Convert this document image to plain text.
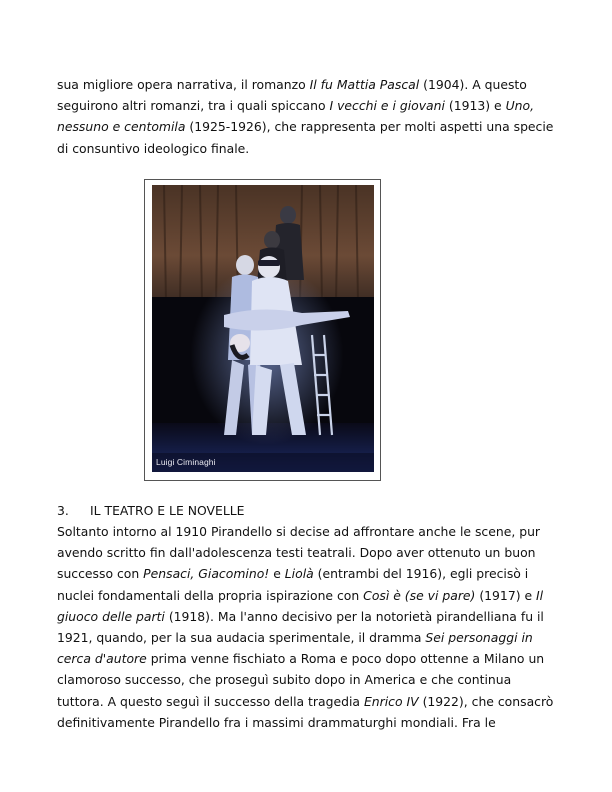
sua migliore opera narrativa, il romanzo Il fu Mattia Pascal (1904). A questo
seguirono altri romanzi, tra i quali spiccano I vecchi e i giovani (1913) e Uno,
nessuno e centomila (1925-1926), che rappresenta per molti aspetti una specie
di consuntivo ideologico finale.

Luigi Ciminaghi

3. IL TEATRO E LE NOVELLE

Soltanto intorno al 1910 Pirandello si decise ad affrontare anche le scene, pur
avendo scritto fin dall'adolescenza testi teatrali. Dopo aver ottenuto un buon
successo con Pensaci, Giacomino! e Liolà (entrambi del 1916), egli precisò i
nuclei fondamentali della propria ispirazione con Così è (se vi pare) (1917) e Il
giuoco delle parti (1918). Ma l'anno decisivo per la notorietà pirandelliana fu il
1921, quando, per la sua audacia sperimentale, il dramma Sei personaggi in
cerca d'autore prima venne fischiato a Roma e poco dopo ottenne a Milano un
clamoroso successo, che proseguì subito dopo in America e che continua
tuttora. A questo seguì il successo della tragedia Enrico IV (1922), che consacrò
definitivamente Pirandello fra i massimi drammaturghi mondiali. Fra le
